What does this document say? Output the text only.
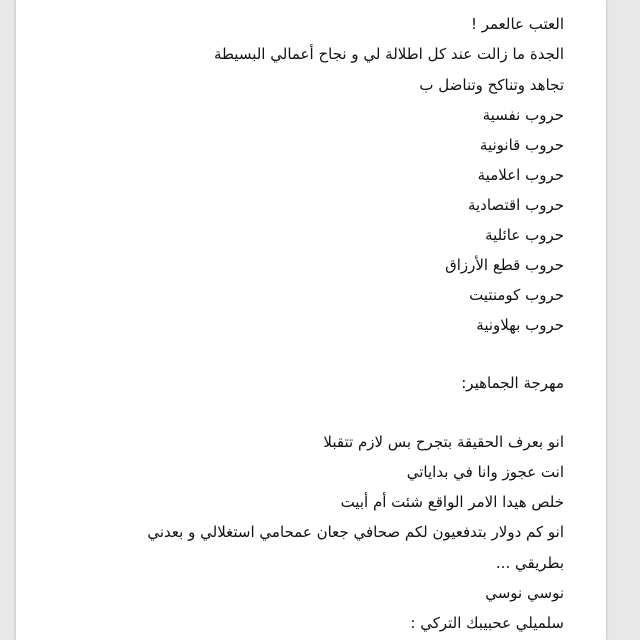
العتب عالعمر !
الجدة ما زالت عند كل اطلالة لي و نجاح أعمالي البسيطة
تجاهد وتناكح وتناضل ب
حروب نفسية
حروب قانونية
حروب اعلامية
حروب اقتصادية
حروب عائلية
حروب قطع الأرزاق
حروب كومنتيت
حروب بهلاونية
مهرجة الجماهير:
انو بعرف الحقيقة بتجرح بس لازم تتقبلا
انت عجوز وانا في بداياتي
خلص هيدا الامر الواقع شئت أم أبيت
انو كم دولار بتدفعيون لكم صحافي جعان عمحامي استغلالي و بعدني
بطريقي ...
نوسي نوسي
سلميلي عحبيبك التركي :
